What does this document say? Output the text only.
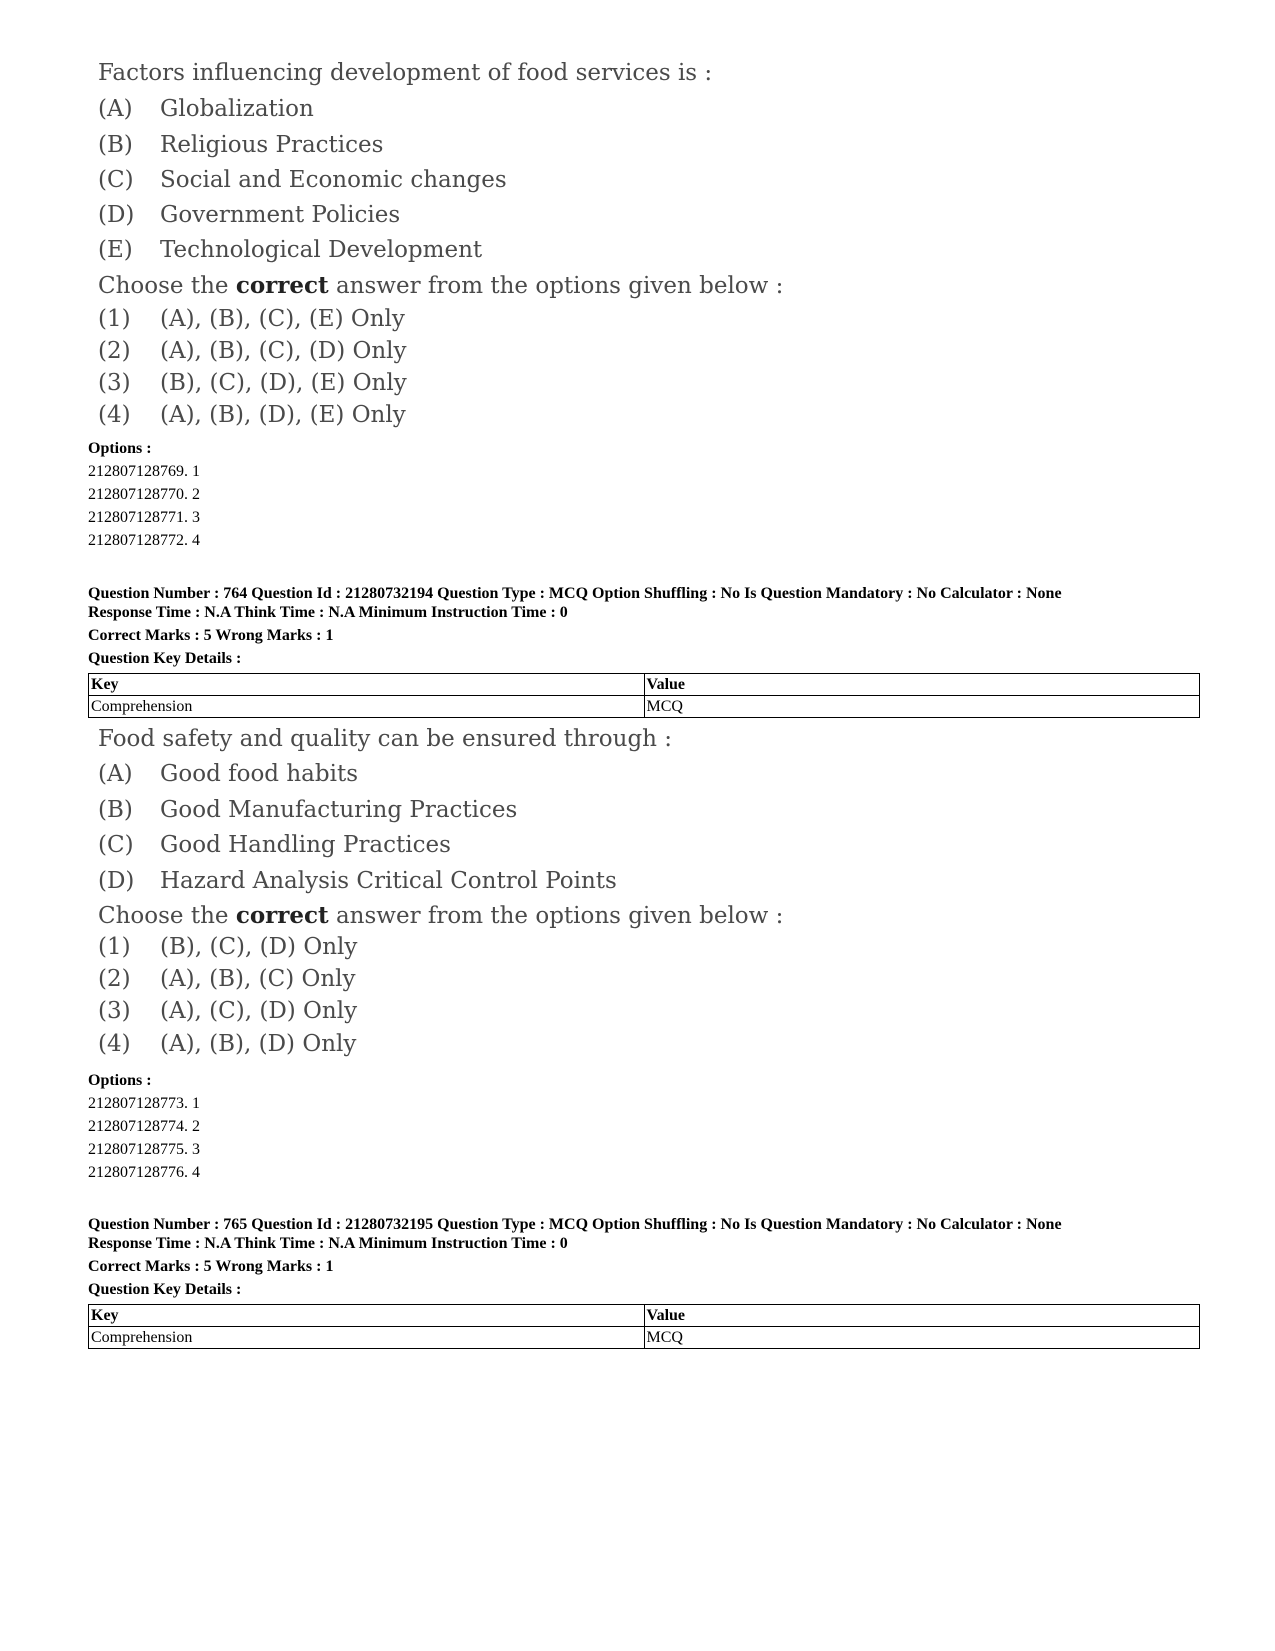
Factors influencing development of food services is :
(A) Globalization
(B) Religious Practices
(C) Social and Economic changes
(D) Government Policies
(E) Technological Development
Choose the correct answer from the options given below :
(1) (A), (B), (C), (E) Only
(2) (A), (B), (C), (D) Only
(3) (B), (C), (D), (E) Only
(4) (A), (B), (D), (E) Only
Options :
212807128769. 1
212807128770. 2
212807128771. 3
212807128772. 4
Question Number : 764 Question Id : 21280732194 Question Type : MCQ Option Shuffling : No Is Question Mandatory : No Calculator : None
Response Time : N.A Think Time : N.A Minimum Instruction Time : 0
Correct Marks : 5 Wrong Marks : 1
Question Key Details :
Key	Value
Comprehension	MCQ
Food safety and quality can be ensured through :
(A) Good food habits
(B) Good Manufacturing Practices
(C) Good Handling Practices
(D) Hazard Analysis Critical Control Points
Choose the correct answer from the options given below :
(1) (B), (C), (D) Only
(2) (A), (B), (C) Only
(3) (A), (C), (D) Only
(4) (A), (B), (D) Only
Options :
212807128773. 1
212807128774. 2
212807128775. 3
212807128776. 4
Question Number : 765 Question Id : 21280732195 Question Type : MCQ Option Shuffling : No Is Question Mandatory : No Calculator : None
Response Time : N.A Think Time : N.A Minimum Instruction Time : 0
Correct Marks : 5 Wrong Marks : 1
Question Key Details :
Key	Value
Comprehension	MCQ
